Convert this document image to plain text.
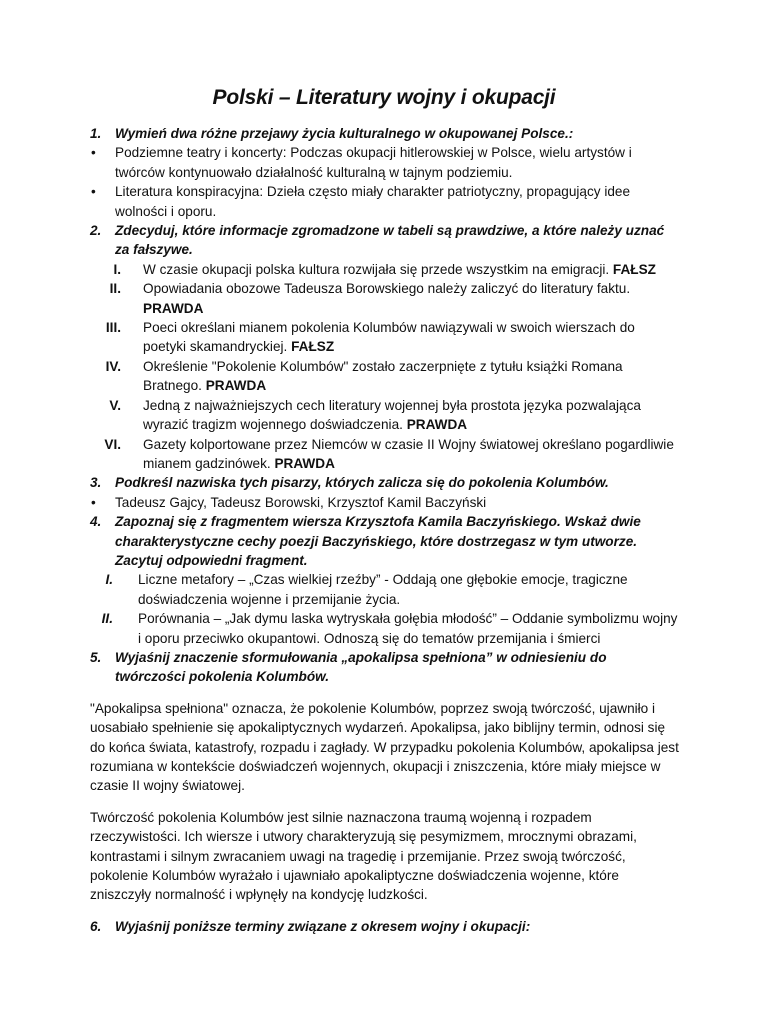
Polski – Literatury wojny i okupacji
1.	Wymień dwa różne przejawy życia kulturalnego w okupowanej Polsce.:
•	Podziemne teatry i koncerty: Podczas okupacji hitlerowskiej w Polsce, wielu artystów i twórców kontynuowało działalność kulturalną w tajnym podziemiu.
•	Literatura konspiracyjna: Dzieła często miały charakter patriotyczny, propagujący idee wolności i oporu.
2.	Zdecyduj, które informacje zgromadzone w tabeli są prawdziwe, a które należy uznać za fałszywe.
I.	W czasie okupacji polska kultura rozwijała się przede wszystkim na emigracji. FAŁSZ
II.	Opowiadania obozowe Tadeusza Borowskiego należy zaliczyć do literatury faktu. PRAWDA
III.	Poeci określani mianem pokolenia Kolumbów nawiązywali w swoich wierszach do poetyki skamandryckiej. FAŁSZ
IV.	Określenie "Pokolenie Kolumbów" zostało zaczerpnięte z tytułu książki Romana Bratnego. PRAWDA
V.	Jedną z najważniejszych cech literatury wojennej była prostota języka pozwalająca wyrazić tragizm wojennego doświadczenia. PRAWDA
VI.	Gazety kolportowane przez Niemców w czasie II Wojny światowej określano pogardliwie mianem gadzinówek. PRAWDA
3.	Podkreśl nazwiska tych pisarzy, których zalicza się do pokolenia Kolumbów.
•	Tadeusz Gajcy, Tadeusz Borowski, Krzysztof Kamil Baczyński
4.	Zapoznaj się z fragmentem wiersza Krzysztofa Kamila Baczyńskiego. Wskaż dwie charakterystyczne cechy poezji Baczyńskiego, które dostrzegasz w tym utworze. Zacytuj odpowiedni fragment.
I.	Liczne metafory – „Czas wielkiej rzeźby” - Oddają one głębokie emocje, tragiczne doświadczenia wojenne i przemijanie życia.
II.	Porównania – „Jak dymu laska wytryskała gołębia młodość” – Oddanie symbolizmu wojny i oporu przeciwko okupantowi. Odnoszą się do tematów przemijania i śmierci
5.	Wyjaśnij znaczenie sformułowania „apokalipsa spełniona” w odniesieniu do twórczości pokolenia Kolumbów.
"Apokalipsa spełniona" oznacza, że pokolenie Kolumbów, poprzez swoją twórczość, ujawniło i uosabiało spełnienie się apokaliptycznych wydarzeń. Apokalipsa, jako biblijny termin, odnosi się do końca świata, katastrofy, rozpadu i zagłady. W przypadku pokolenia Kolumbów, apokalipsa jest rozumiana w kontekście doświadczeń wojennych, okupacji i zniszczenia, które miały miejsce w czasie II wojny światowej.
Twórczość pokolenia Kolumbów jest silnie naznaczona traumą wojenną i rozpadem rzeczywistości. Ich wiersze i utwory charakteryzują się pesymizmem, mrocznymi obrazami, kontrastami i silnym zwracaniem uwagi na tragedię i przemijanie. Przez swoją twórczość, pokolenie Kolumbów wyrażało i ujawniało apokaliptyczne doświadczenia wojenne, które zniszczyły normalność i wpłynęły na kondycję ludzkości.
6.	Wyjaśnij poniższe terminy związane z okresem wojny i okupacji:
